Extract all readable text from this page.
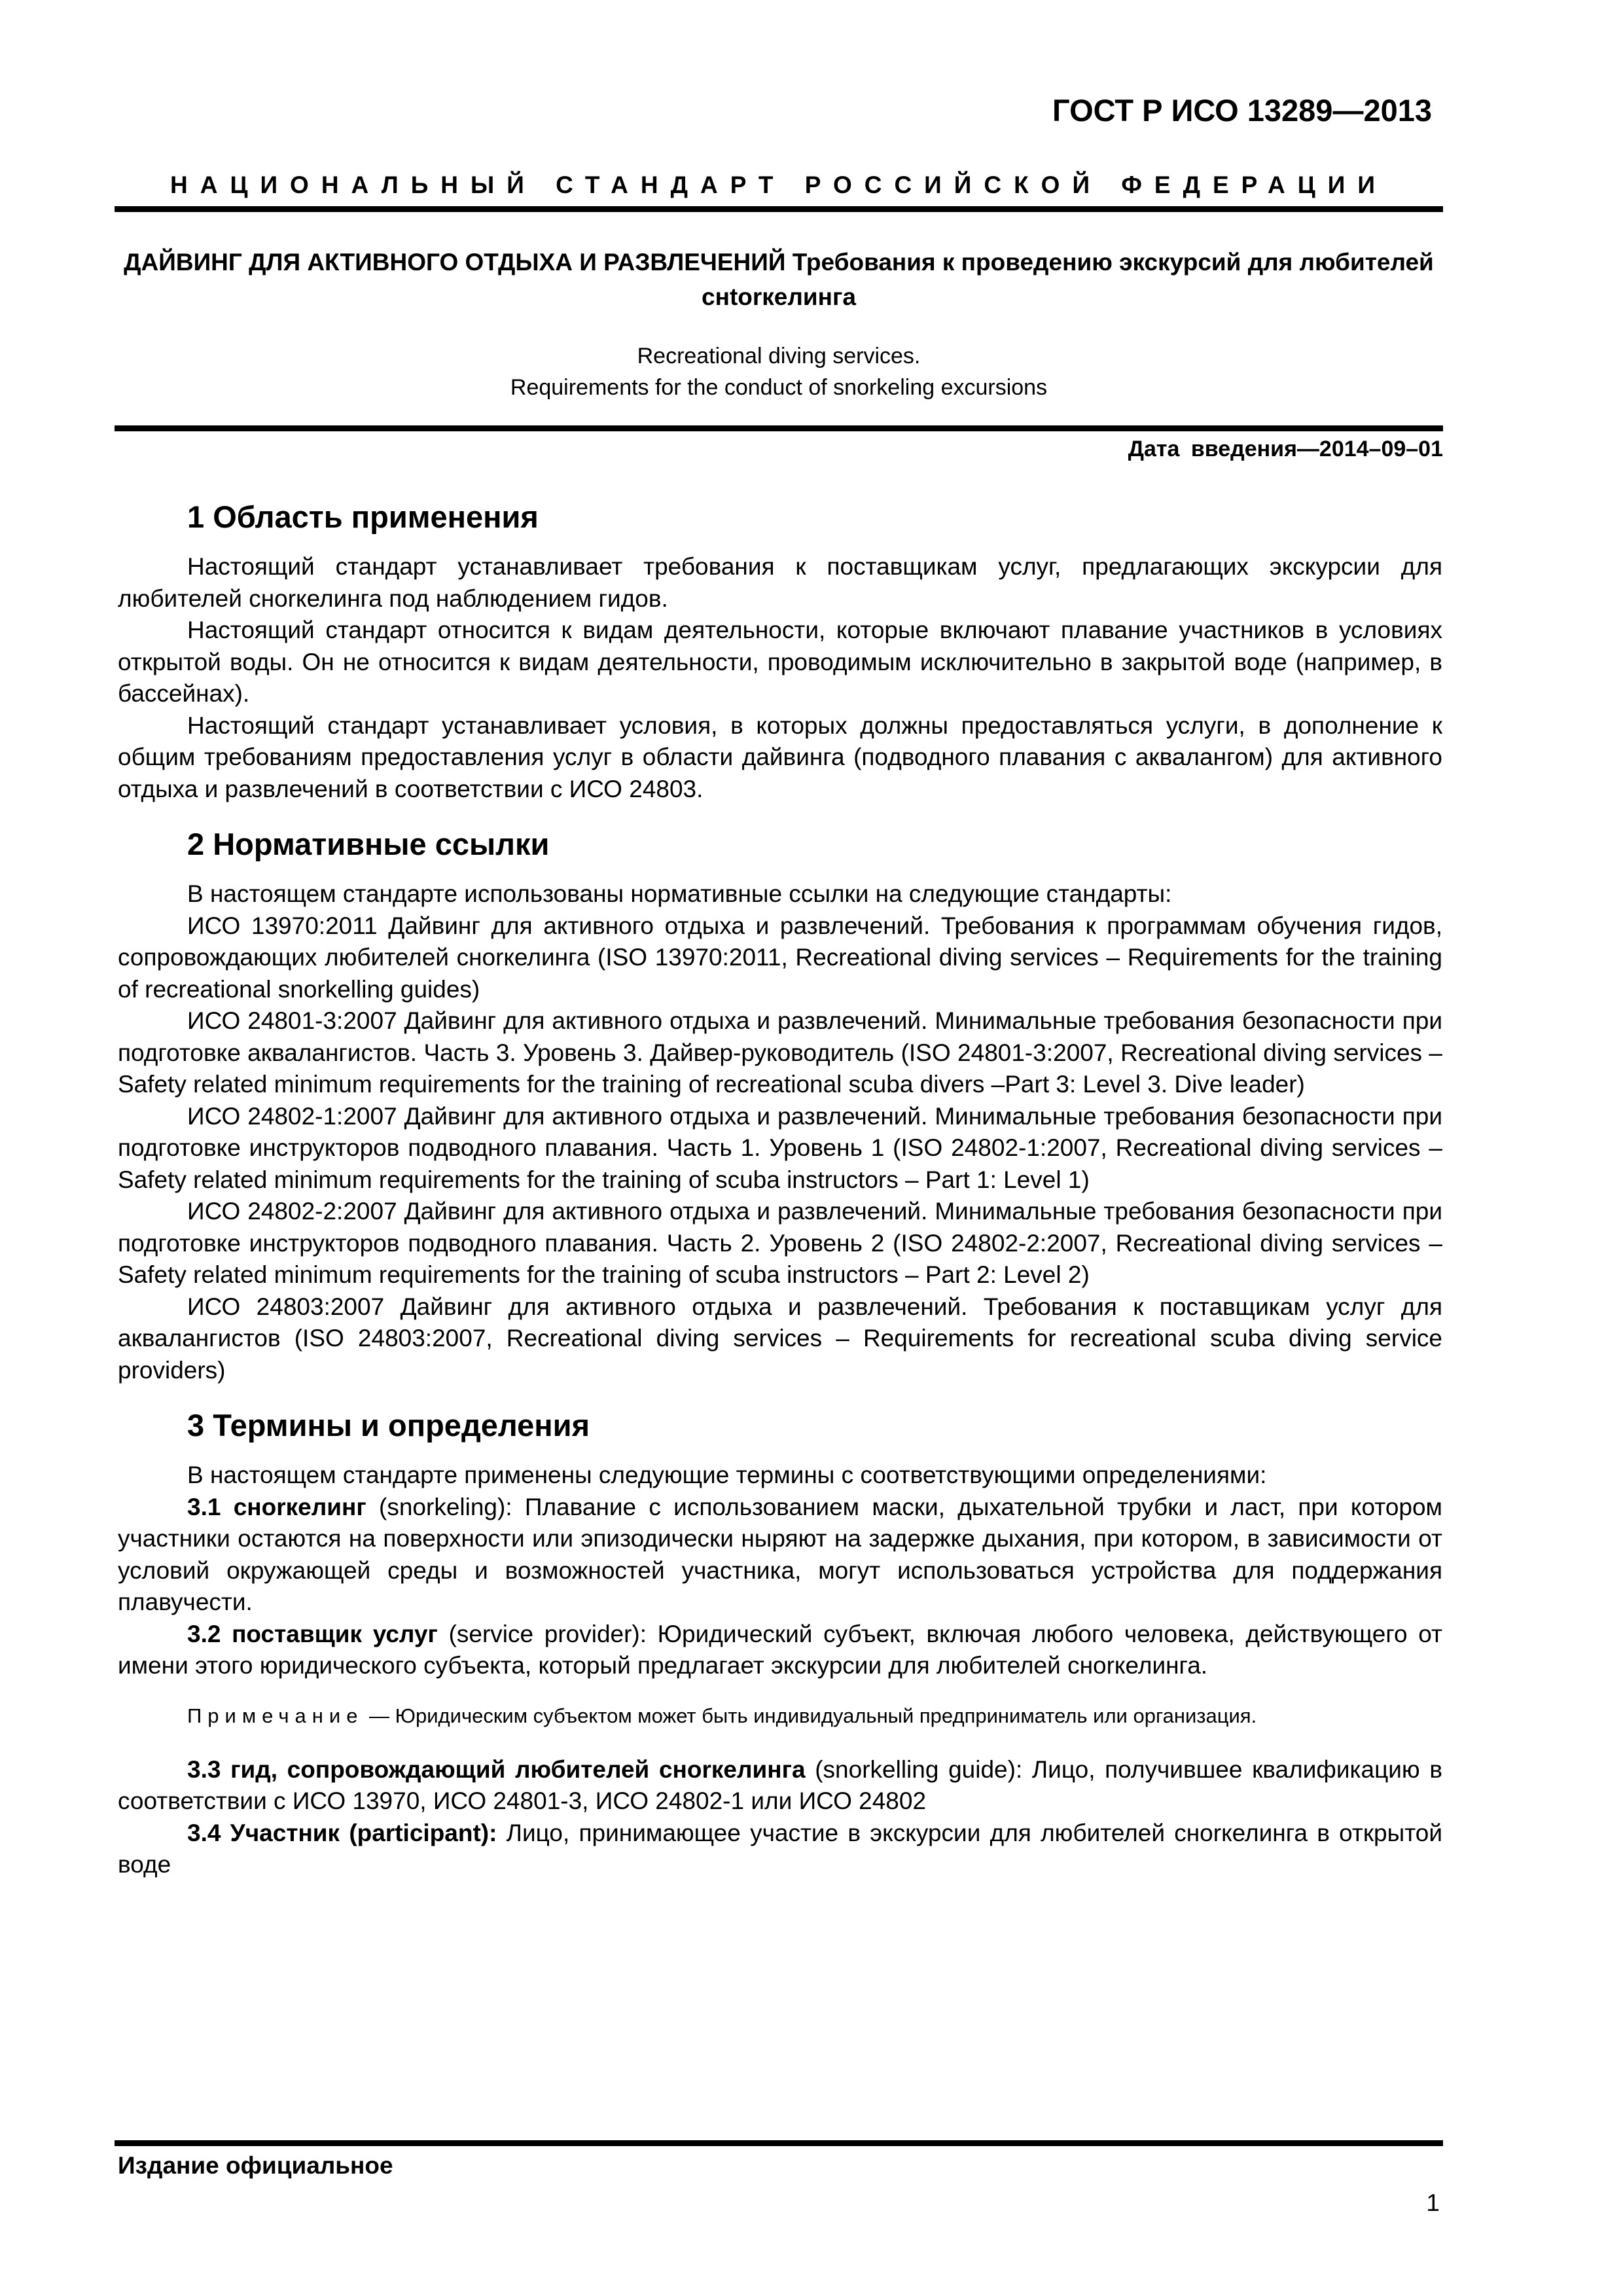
ГОСТ Р ИСО 13289—2013
НАЦИОНАЛЬНЫЙ СТАНДАРТ РОССИЙСКОЙ ФЕДЕРАЦИИ
ДАЙВИНГ ДЛЯ АКТИВНОГО ОТДЫХА И РАЗВЛЕЧЕНИЙ Требования к проведению экскурсий для любителей снtorкелинга
Recreational diving services.
Requirements for the conduct of snorkeling excursions
Дата введения—2014–09–01
1 Область применения

Настоящий стандарт устанавливает требования к поставщикам услуг, предлагающих экскурсии для любителей снorкелинга под наблюдением гидов.

Настоящий стандарт относится к видам деятельности, которые включают плавание участников в условиях открытой воды. Он не относится к видам деятельности, проводимым исключительно в закрытой воде (например, в бассейнах).

Настоящий стандарт устанавливает условия, в которых должны предоставляться услуги, в дополнение к общим требованиям предоставления услуг в области дайвинга (подводного плавания с аквалангом) для активного отдыха и развлечений в соответствии с ИСО 24803.

2 Нормативные ссылки

В настоящем стандарте использованы нормативные ссылки на следующие стандарты:

ИСО 13970:2011 Дайвинг для активного отдыха и развлечений. Требования к программам обучения гидов, сопровождающих любителей снorкелинга (ISO 13970:2011, Recreational diving services – Requirements for the training of recreational snorkelling guides)

ИСО 24801-3:2007 Дайвинг для активного отдыха и развлечений. Минимальные требования безопасности при подготовке аквалангистов. Часть 3. Уровень 3. Дайвер-руководитель (ISO 24801-3:2007, Recreational diving services – Safety related minimum requirements for the training of recreational scuba divers –Part 3: Level 3. Dive leader)

ИСО 24802-1:2007 Дайвинг для активного отдыха и развлечений. Минимальные требования безопасности при подготовке инструкторов подводного плавания. Часть 1. Уровень 1 (ISO 24802-1:2007, Recreational diving services – Safety related minimum requirements for the training of scuba instructors – Part 1: Level 1)

ИСО 24802-2:2007 Дайвинг для активного отдыха и развлечений. Минимальные требования безопасности при подготовке инструкторов подводного плавания. Часть 2. Уровень 2 (ISO 24802-2:2007, Recreational diving services – Safety related minimum requirements for the training of scuba instructors – Part 2: Level 2)

ИСО 24803:2007 Дайвинг для активного отдыха и развлечений. Требования к поставщикам услуг для аквалангистов (ISO 24803:2007, Recreational diving services – Requirements for recreational scuba diving service providers)

3 Термины и определения

В настоящем стандарте применены следующие термины с соответствующими определениями:

3.1 снorкелинг (snorkeling): Плавание с использованием маски, дыхательной трубки и ласт, при котором участники остаются на поверхности или эпизодически ныряют на задержке дыхания, при котором, в зависимости от условий окружающей среды и возможностей участника, могут использоваться устройства для поддержания плавучести.

3.2 поставщик услуг (service provider): Юридический субъект, включая любого человека, действующего от имени этого юридического субъекта, который предлагает экскурсии для любителей снorкелинга.

Примечание — Юридическим субъектом может быть индивидуальный предприниматель или организация.

3.3 гид, сопровождающий любителей снorкелинга (snorkelling guide): Лицо, получившее квалификацию в соответствии с ИСО 13970, ИСО 24801-3, ИСО 24802-1 или ИСО 24802

3.4 Участник (participant): Лицо, принимающее участие в экскурсии для любителей снorкелинга в открытой воде

Издание официальное
1
